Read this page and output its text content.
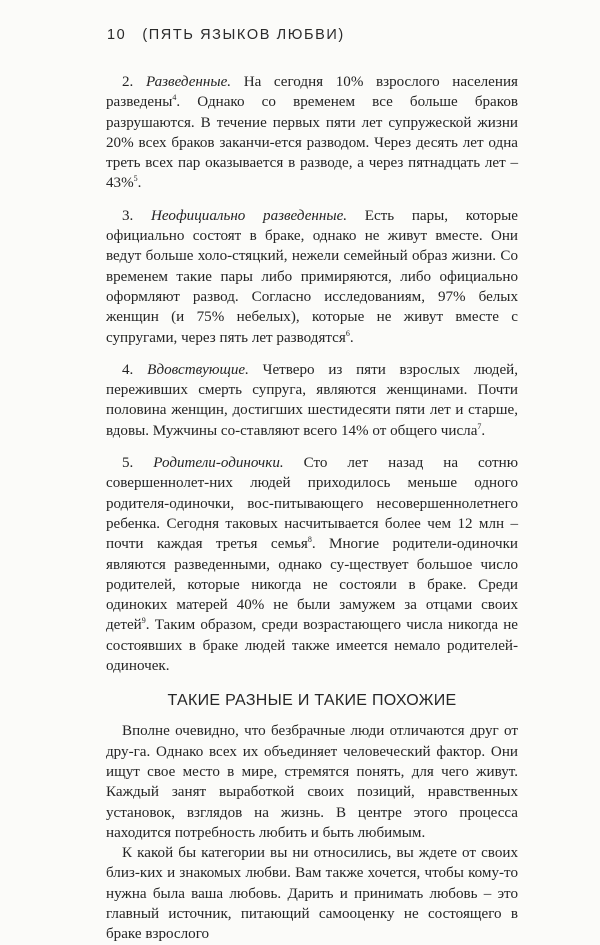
10 (ПЯТЬ ЯЗЫКОВ ЛЮБВИ)

2. Разведенные. На сегодня 10% взрослого населения разведены$^4$. Однако со временем все больше браков разрушаются. В течение первых пяти лет супружеской жизни 20% всех браков заканчи-ется разводом. Через десять лет одна треть всех пар оказывается в разводе, а через пятнадцать лет – 43%$^5$.

3. Неофициально разведенные. Есть пары, которые официально состоят в браке, однако не живут вместе. Они ведут больше холо-стяцкий, нежели семейный образ жизни. Со временем такие пары либо примиряются, либо официально оформляют развод. Согласно исследованиям, 97% белых женщин (и 75% небелых), которые не живут вместе с супругами, через пять лет разводятся$^6$.

4. Вдовствующие. Четверо из пяти взрослых людей, переживших смерть супруга, являются женщинами. Почти половина женщин, достигших шестидесяти пяти лет и старше, вдовы. Мужчины со-ставляют всего 14% от общего числа$^7$.

5. Родители-одиночки. Сто лет назад на сотню совершеннолет-них людей приходилось меньше одного родителя-одиночки, вос-питывающего несовершеннолетнего ребенка. Сегодня таковых насчитывается более чем 12 млн – почти каждая третья семья$^8$. Многие родители-одиночки являются разведенными, однако су-ществует большое число родителей, которые никогда не состояли в браке. Среди одиноких матерей 40% не были замужем за отцами своих детей$^9$. Таким образом, среди возрастающего числа никогда не состоявших в браке людей также имеется немало родителей-одиночек.

ТАКИЕ РАЗНЫЕ И ТАКИЕ ПОХОЖИЕ

Вполне очевидно, что безбрачные люди отличаются друг от дру-га. Однако всех их объединяет человеческий фактор. Они ищут свое место в мире, стремятся понять, для чего живут. Каждый занят выработкой своих позиций, нравственных установок, взглядов на жизнь. В центре этого процесса находится потребность любить и быть любимым.

К какой бы категории вы ни относились, вы ждете от своих близ-ких и знакомых любви. Вам также хочется, чтобы кому-то нужна была ваша любовь. Дарить и принимать любовь – это главный источник, питающий самооценку не состоящего в браке взрослого
